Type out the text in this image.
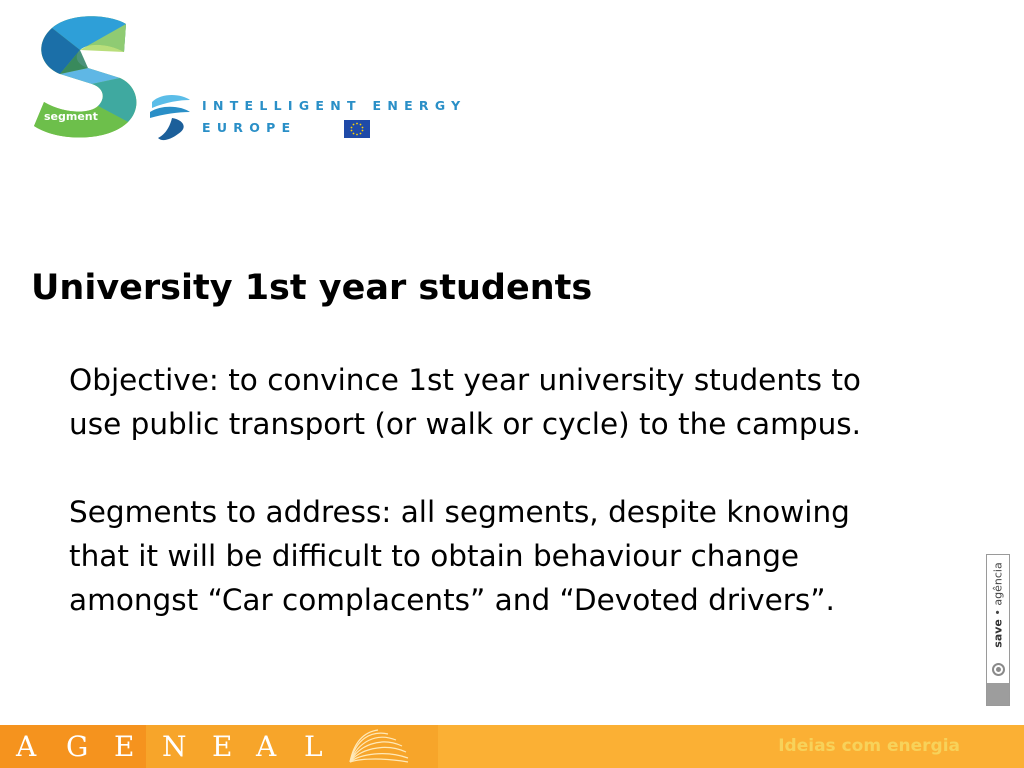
segment
INTELLIGENT ENERGY
EUROPE
University 1st year students
Objective: to convince 1st year university students to
use public transport (or walk or cycle) to the campus.
Segments to address: all segments, despite knowing
that it will be difficult to obtain behaviour change
amongst “Car complacents” and “Devoted drivers”.
save • agência
A G E N E A L	Ideias com energia
